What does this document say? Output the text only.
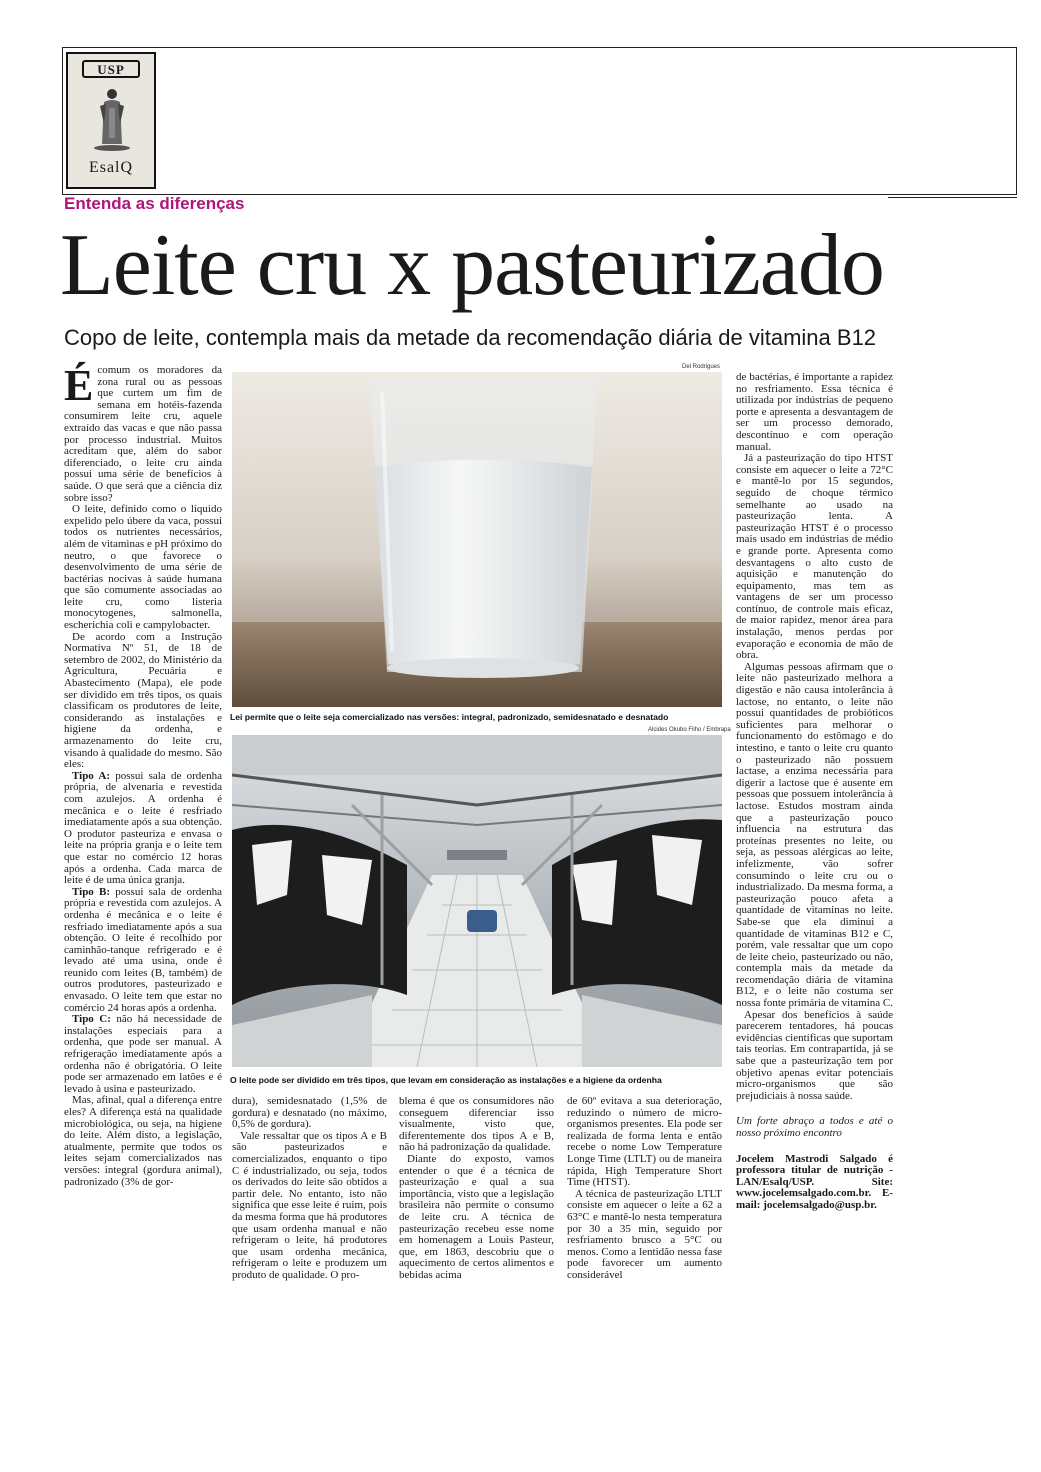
USP
EsalQ
Entenda as diferenças
Leite cru x pasteurizado
Copo de leite, contempla mais da metade da recomendação diária de vitamina B12

Écomum os moradores da zona rural ou as pessoas que curtem um fim de semana em hotéis-fazenda consumirem leite cru, aquele extraído das vacas e que não passa por processo industrial. Muitos acreditam que, além do sabor diferenciado, o leite cru ainda possui uma série de benefícios à saúde. O que será que a ciência diz sobre isso?

O leite, definido como o líquido expelido pelo úbere da vaca, possui todos os nutrientes necessários, além de vitaminas e pH próximo do neutro, o que favorece o desenvolvimento de uma série de bactérias nocivas à saúde humana que são comumente associadas ao leite cru, como listeria monocytogenes, salmonella, escherichia coli e campylobacter.

De acordo com a Instrução Normativa Nº 51, de 18 de setembro de 2002, do Ministério da Agricultura, Pecuária e Abastecimento (Mapa), ele pode ser dividido em três tipos, os quais classificam os produtores de leite, considerando as instalações e higiene da ordenha, e armazenamento do leite cru, visando à qualidade do mesmo. São eles:

Tipo A: possui sala de ordenha própria, de alvenaria e revestida com azulejos. A ordenha é mecânica e o leite é resfriado imediatamente após a sua obtenção. O produtor pasteuriza e envasa o leite na própria granja e o leite tem que estar no comércio 12 horas após a ordenha. Cada marca de leite é de uma única granja.

Tipo B: possui sala de ordenha própria e revestida com azulejos. A ordenha é mecânica e o leite é resfriado imediatamente após a sua obtenção. O leite é recolhido por caminhão-tanque refrigerado e é levado até uma usina, onde é reunido com leites (B, também) de outros produtores, pasteurizado e envasado. O leite tem que estar no comércio 24 horas após a ordenha.

Tipo C: não há necessidade de instalações especiais para a ordenha, que pode ser manual. A refrigeração imediatamente após a ordenha não é obrigatória. O leite pode ser armazenado em latões e é levado à usina e pasteurizado.

Mas, afinal, qual a diferença entre eles? A diferença está na qualidade microbiológica, ou seja, na higiene do leite. Além disto, a legislação, atualmente, permite que todos os leites sejam comercializados nas versões: integral (gordura animal), padronizado (3% de gor-

Del Rodrigues
Lei permite que o leite seja comercializado nas versões: integral, padronizado, semidesnatado e desnatado
Alcides Okubo Filho / Embrapa
O leite pode ser dividido em três tipos, que levam em consideração as instalações e a higiene da ordenha

dura), semidesnatado (1,5% de gordura) e desnatado (no máximo, 0,5% de gordura).

Vale ressaltar que os tipos A e B são pasteurizados e comercializados, enquanto o tipo C é industrializado, ou seja, todos os derivados do leite são obtidos a partir dele. No entanto, isto não significa que esse leite é ruim, pois da mesma forma que há produtores que usam ordenha manual e não refrigeram o leite, há produtores que usam ordenha mecânica, refrigeram o leite e produzem um produto de qualidade. O pro-

blema é que os consumidores não conseguem diferenciar isso visualmente, visto que, diferentemente dos tipos A e B, não há padronização da qualidade.

Diante do exposto, vamos entender o que é a técnica de pasteurização e qual a sua importância, visto que a legislação brasileira não permite o consumo de leite cru. A técnica de pasteurização recebeu esse nome em homenagem a Louis Pasteur, que, em 1863, descobriu que o aquecimento de certos alimentos e bebidas acima

de 60º evitava a sua deterioração, reduzindo o número de micro-organismos presentes. Ela pode ser realizada de forma lenta e então recebe o nome Low Temperature Longe Time (LTLT) ou de maneira rápida, High Temperature Short Time (HTST).

A técnica de pasteurização LTLT consiste em aquecer o leite a 62 a 63°C e mantê-lo nesta temperatura por 30 a 35 min, seguido por resfriamento brusco a 5°C ou menos. Como a lentidão nessa fase pode favorecer um aumento considerável

de bactérias, é importante a rapidez no resfriamento. Essa técnica é utilizada por indústrias de pequeno porte e apresenta a desvantagem de ser um processo demorado, descontínuo e com operação manual.

Já a pasteurização do tipo HTST consiste em aquecer o leite a 72°C e mantê-lo por 15 segundos, seguido de choque térmico semelhante ao usado na pasteurização lenta. A pasteurização HTST é o processo mais usado em indústrias de médio e grande porte. Apresenta como desvantagens o alto custo de aquisição e manutenção do equipamento, mas tem as vantagens de ser um processo contínuo, de controle mais eficaz, de maior rapidez, menor área para instalação, menos perdas por evaporação e economia de mão de obra.

Algumas pessoas afirmam que o leite não pasteurizado melhora a digestão e não causa intolerância à lactose, no entanto, o leite não possui quantidades de probióticos suficientes para melhorar o funcionamento do estômago e do intestino, e tanto o leite cru quanto o pasteurizado não possuem lactase, a enzima necessária para digerir a lactose que é ausente em pessoas que possuem intolerância à lactose. Estudos mostram ainda que a pasteurização pouco influencia na estrutura das proteínas presentes no leite, ou seja, as pessoas alérgicas ao leite, infelizmente, vão sofrer consumindo o leite cru ou o industrializado. Da mesma forma, a pasteurização pouco afeta a quantidade de vitaminas no leite. Sabe-se que ela diminui a quantidade de vitaminas B12 e C, porém, vale ressaltar que um copo de leite cheio, pasteurizado ou não, contempla mais da metade da recomendação diária de vitamina B12, e o leite não costuma ser nossa fonte primária de vitamina C.

Apesar dos benefícios à saúde parecerem tentadores, há poucas evidências científicas que suportam tais teorias. Em contrapartida, já se sabe que a pasteurização tem por objetivo apenas evitar potenciais micro-organismos que são prejudiciais à nossa saúde.

Um forte abraço a todos e até o nosso próximo encontro

Jocelem Mastrodi Salgado é professora titular de nutrição - LAN/Esalq/USP. Site: www.jocelemsalgado.com.br. E-mail: jocelemsalgado@usp.br.
